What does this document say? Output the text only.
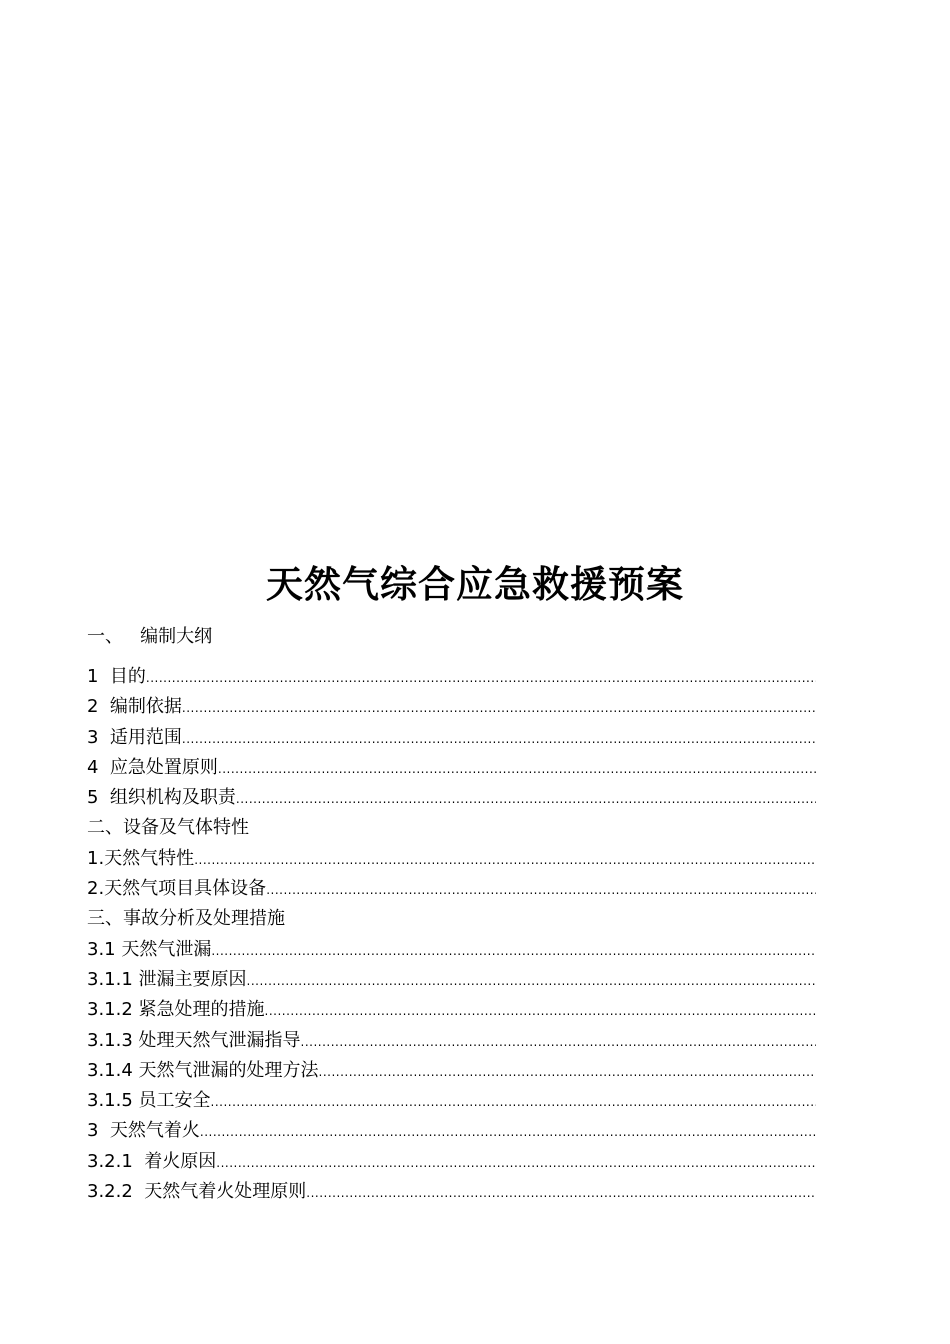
天然气综合应急救援预案
一、   编制大纲
1  目的
.....
2  编制依据
.....
3  适用范围
.....
4  应急处置原则
.....
5  组织机构及职责
.....
二、设备及气体特性
1.天然气特性
.....
2.天然气项目具体设备
.....
三、事故分析及处理措施
3.1 天然气泄漏
.....
3.1.1 泄漏主要原因
.....
3.1.2 紧急处理的措施
.....
3.1.3 处理天然气泄漏指导
.....
3.1.4 天然气泄漏的处理方法
.....
3.1.5 员工安全
.....
3  天然气着火
.....
3.2.1  着火原因
.....
3.2.2  天然气着火处理原则
.....
